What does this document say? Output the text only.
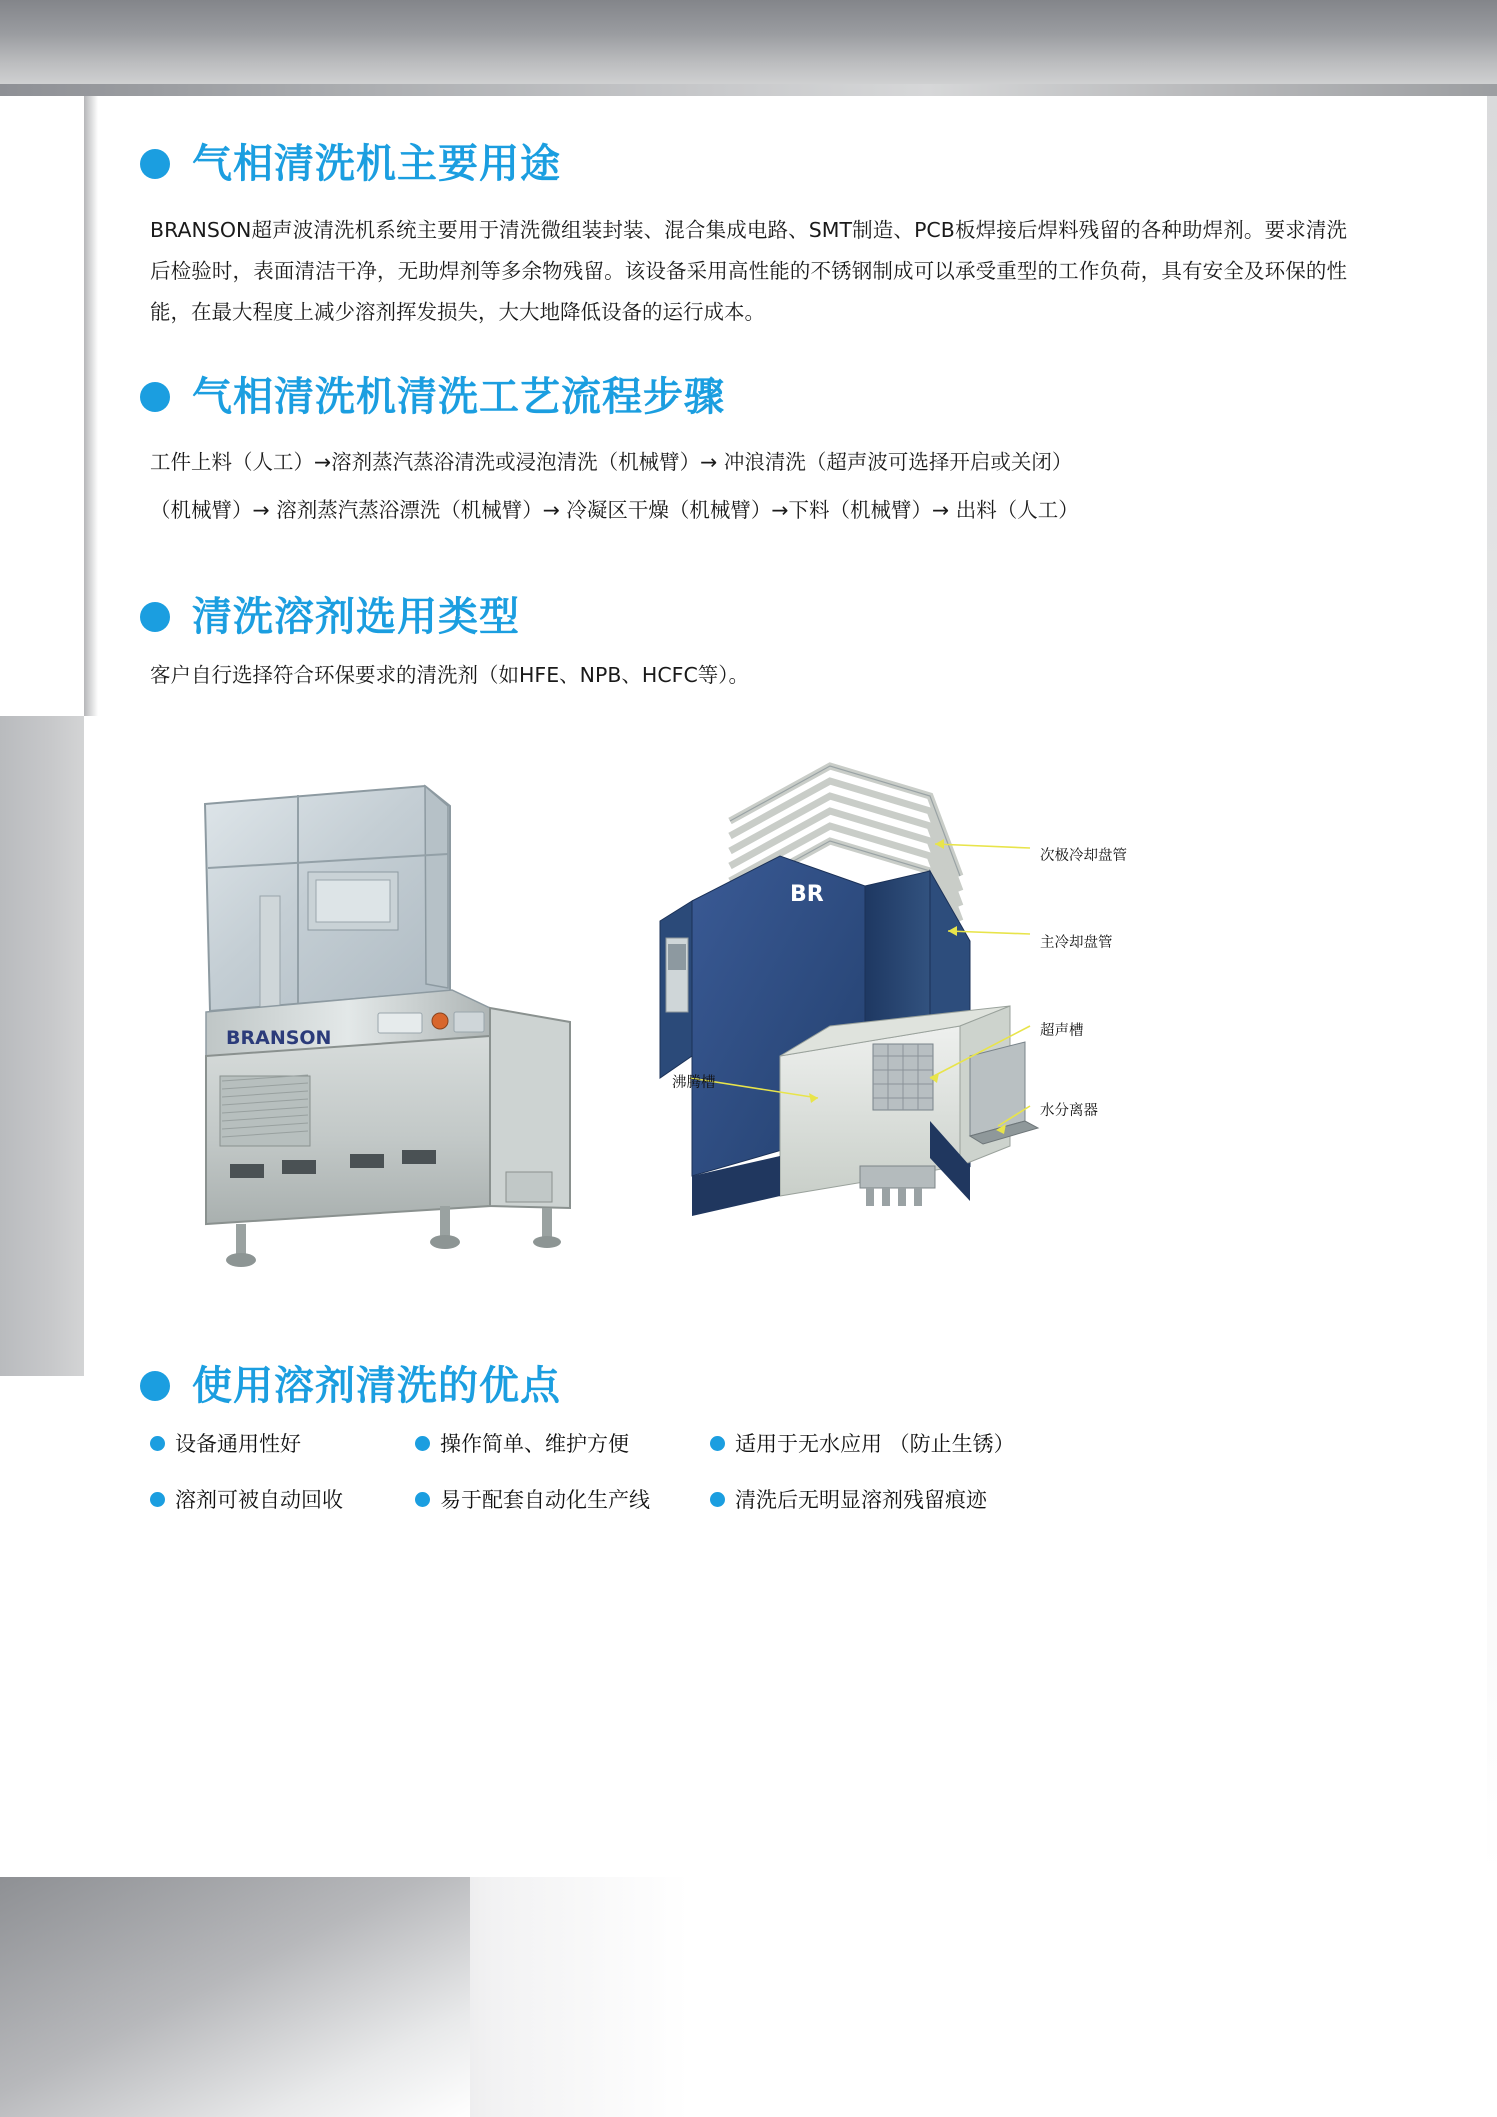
气相清洗机主要用途

BRANSON超声波清洗机系统主要用于清洗微组装封装、混合集成电路、SMT制造、PCB板焊接后焊料残留的各种助焊剂。要求清洗后检验时，表面清洁干净，无助焊剂等多余物残留。该设备采用高性能的不锈钢制成可以承受重型的工作负荷，具有安全及环保的性能，在最大程度上减少溶剂挥发损失，大大地降低设备的运行成本。

气相清洗机清洗工艺流程步骤

工件上料（人工）→溶剂蒸汽蒸浴清洗或浸泡清洗（机械臂）→ 冲浪清洗（超声波可选择开启或关闭）

（机械臂）→ 溶剂蒸汽蒸浴漂洗（机械臂）→ 冷凝区干燥（机械臂）→下料（机械臂）→ 出料（人工）

清洗溶剂选用类型

客户自行选择符合环保要求的清洗剂（如HFE、NPB、HCFC等）。

BRANSON
BR
次极冷却盘管
主冷却盘管
超声槽
水分离器
沸腾槽
使用溶剂清洗的优点
设备通用性好	操作简单、维护方便	适用于无水应用 （防止生锈）
溶剂可被自动回收	易于配套自动化生产线	清洗后无明显溶剂残留痕迹
